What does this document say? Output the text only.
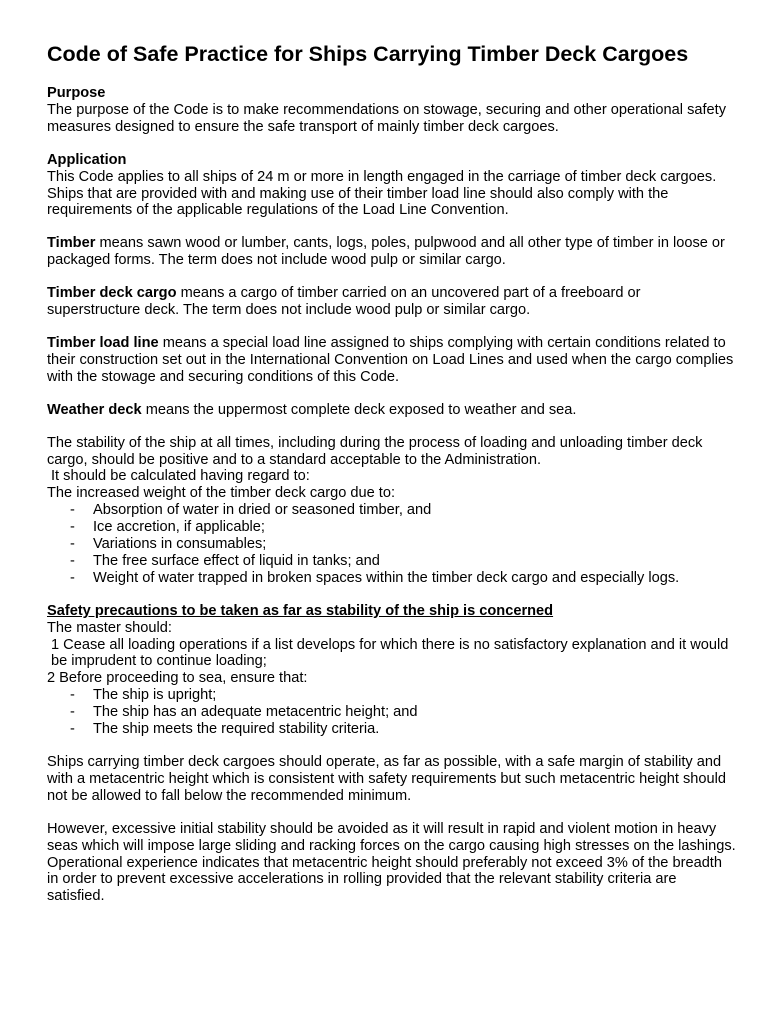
Code of Safe Practice for Ships Carrying Timber Deck Cargoes
Purpose

The purpose of the Code is to make recommendations on stowage, securing and other operational safety measures designed to ensure the safe transport of mainly timber deck cargoes.

Application

This Code applies to all ships of 24 m or more in length engaged in the carriage of timber deck cargoes. Ships that are provided with and making use of their timber load line should also comply with the requirements of the applicable regulations of the Load Line Convention.

Timber means sawn wood or lumber, cants, logs, poles, pulpwood and all other type of timber in loose or packaged forms. The term does not include wood pulp or similar cargo.

Timber deck cargo means a cargo of timber carried on an uncovered part of a freeboard or superstructure deck. The term does not include wood pulp or similar cargo.

Timber load line means a special load line assigned to ships complying with certain conditions related to their construction set out in the International Convention on Load Lines and used when the cargo complies with the stowage and securing conditions of this Code.

Weather deck means the uppermost complete deck exposed to weather and sea.

The stability of the ship at all times, including during the process of loading and unloading timber deck cargo, should be positive and to a standard acceptable to the Administration.

It should be calculated having regard to:

The increased weight of the timber deck cargo due to:

- Absorption of water in dried or seasoned timber, and
- Ice accretion, if applicable;
- Variations in consumables;
- The free surface effect of liquid in tanks; and
- Weight of water trapped in broken spaces within the timber deck cargo and especially logs.
Safety precautions to be taken as far as stability of the ship is concerned

The master should:

1 Cease all loading operations if a list develops for which there is no satisfactory explanation and it would be imprudent to continue loading;

2 Before proceeding to sea, ensure that:

- The ship is upright;
- The ship has an adequate metacentric height; and
- The ship meets the required stability criteria.

Ships carrying timber deck cargoes should operate, as far as possible, with a safe margin of stability and with a metacentric height which is consistent with safety requirements but such metacentric height should not be allowed to fall below the recommended minimum.

However, excessive initial stability should be avoided as it will result in rapid and violent motion in heavy seas which will impose large sliding and racking forces on the cargo causing high stresses on the lashings. Operational experience indicates that metacentric height should preferably not exceed 3% of the breadth in order to prevent excessive accelerations in rolling provided that the relevant stability criteria are satisfied.
